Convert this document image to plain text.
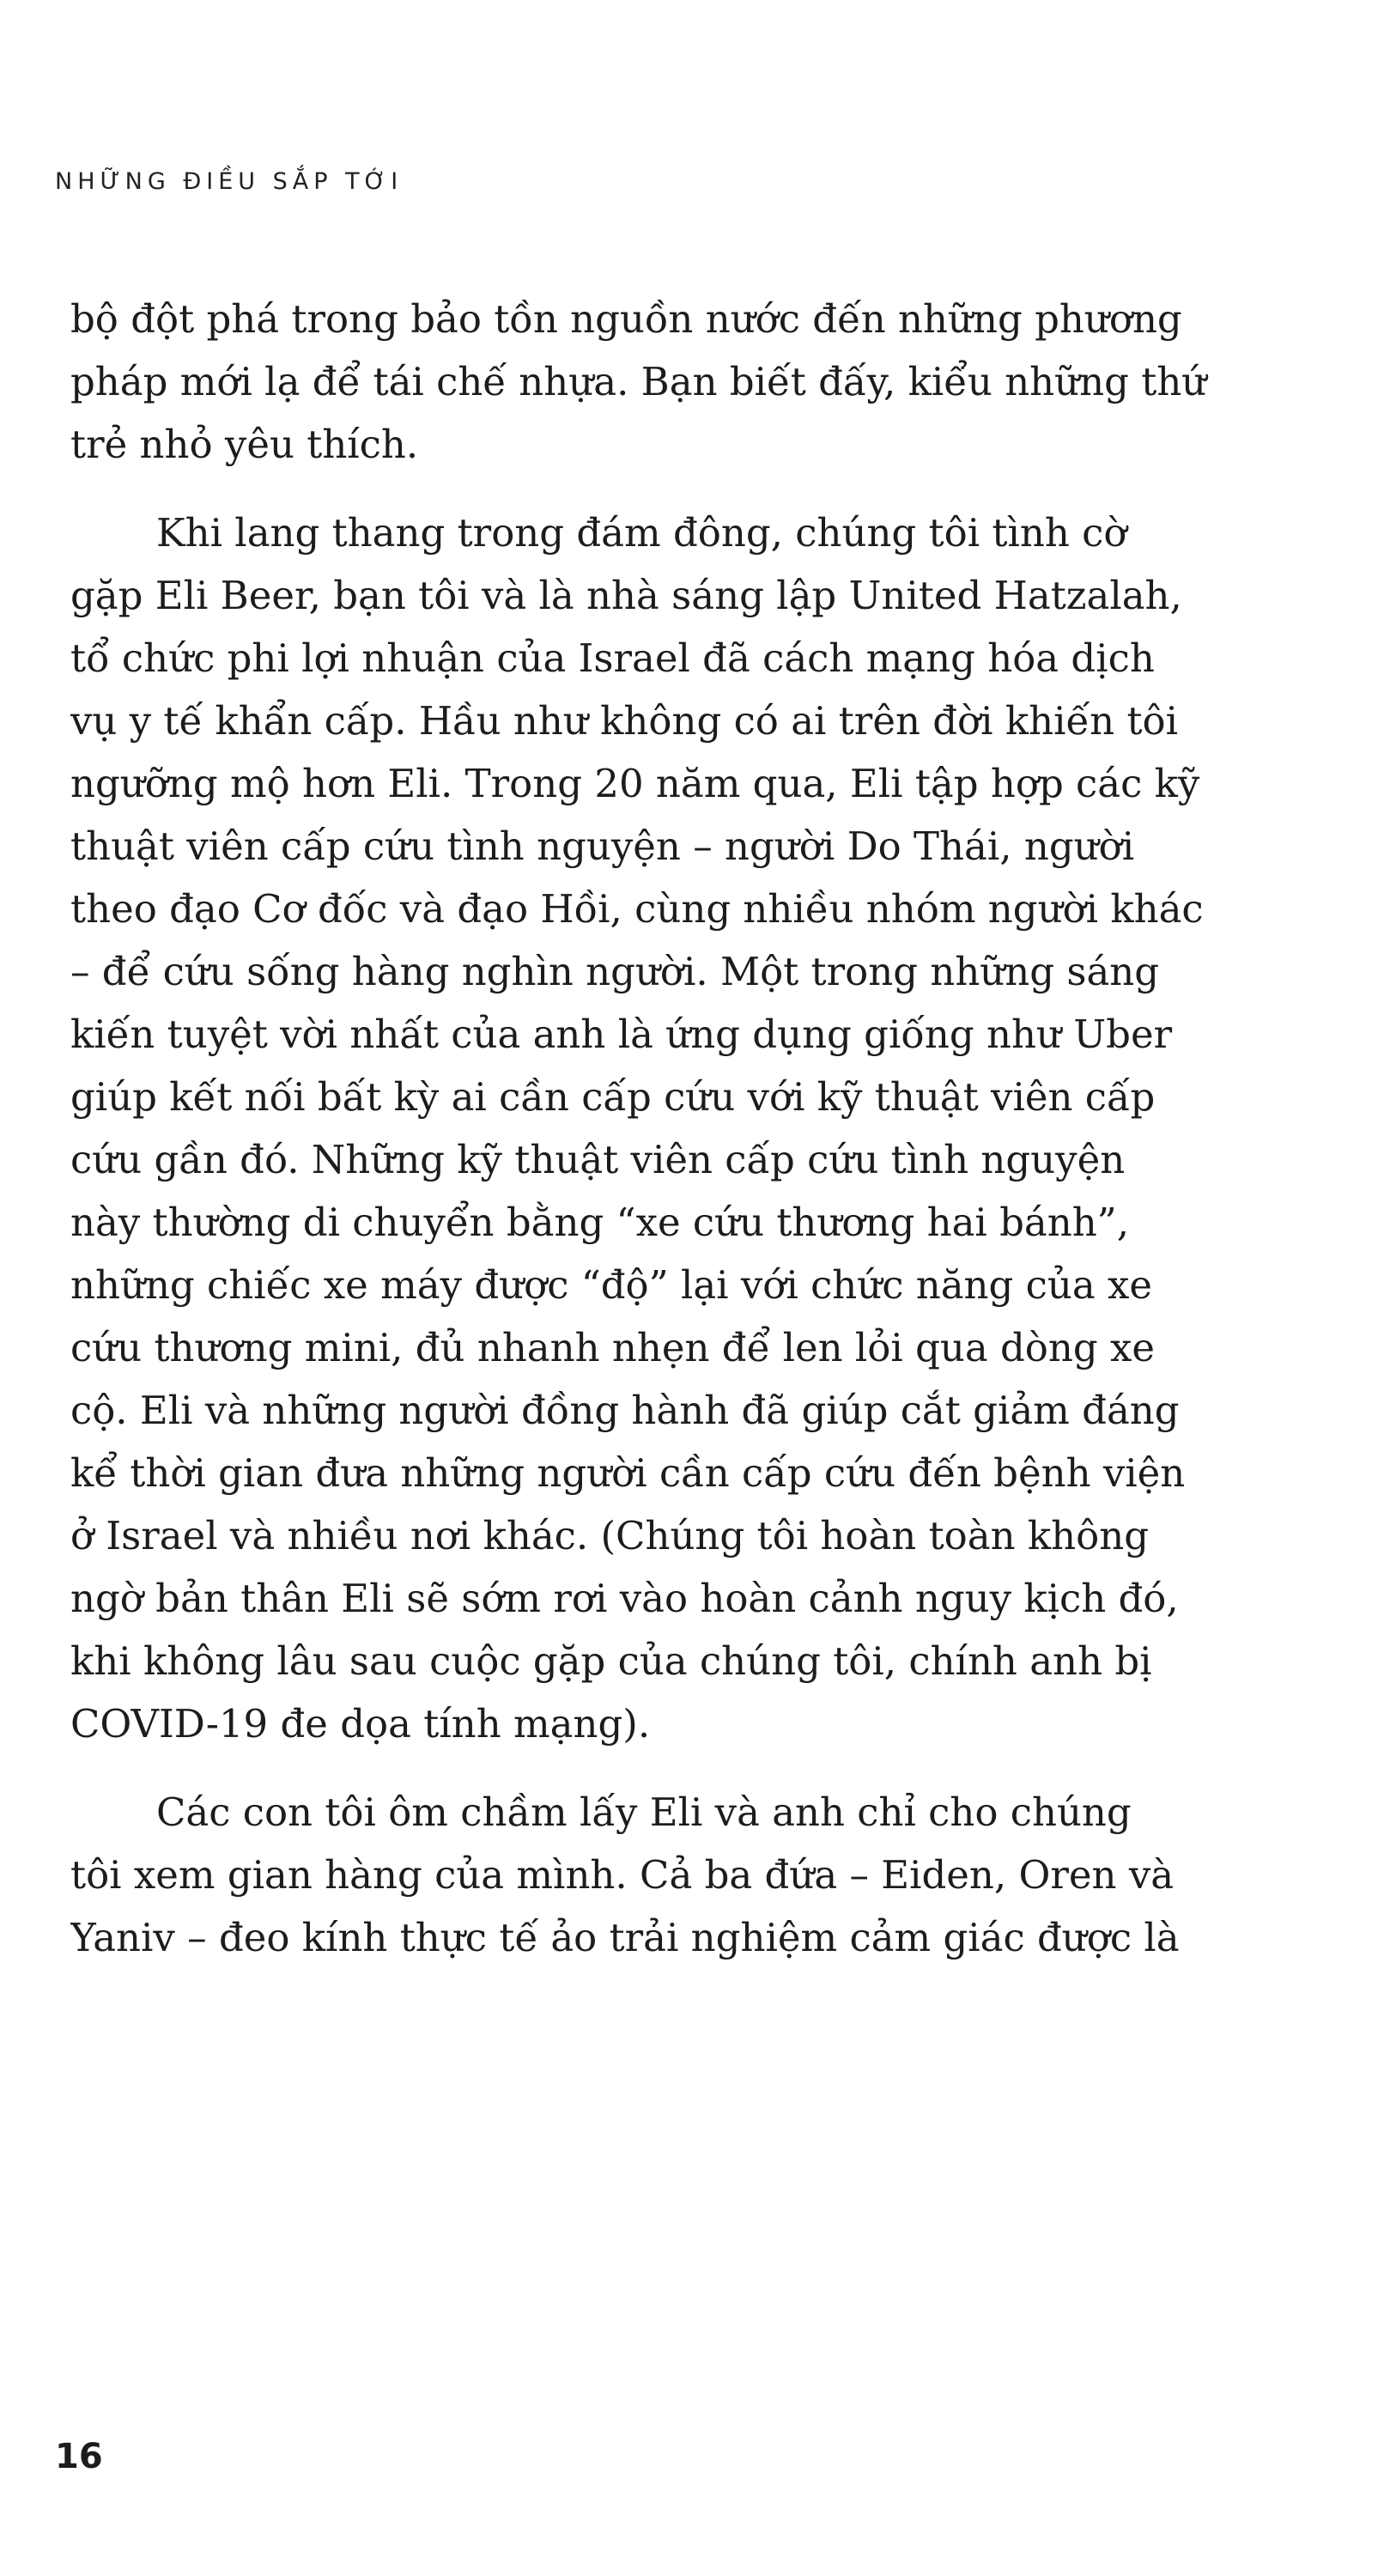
NHỮNG ĐIỀU SẮP TỚI

bộ đột phá trong bảo tồn nguồn nước đến những phương
pháp mới lạ để tái chế nhựa. Bạn biết đấy, kiểu những thứ
trẻ nhỏ yêu thích.

Khi lang thang trong đám đông, chúng tôi tình cờ
gặp Eli Beer, bạn tôi và là nhà sáng lập United Hatzalah,
tổ chức phi lợi nhuận của Israel đã cách mạng hóa dịch
vụ y tế khẩn cấp. Hầu như không có ai trên đời khiến tôi
ngưỡng mộ hơn Eli. Trong 20 năm qua, Eli tập hợp các kỹ
thuật viên cấp cứu tình nguyện – người Do Thái, người
theo đạo Cơ đốc và đạo Hồi, cùng nhiều nhóm người khác
– để cứu sống hàng nghìn người. Một trong những sáng
kiến tuyệt vời nhất của anh là ứng dụng giống như Uber
giúp kết nối bất kỳ ai cần cấp cứu với kỹ thuật viên cấp
cứu gần đó. Những kỹ thuật viên cấp cứu tình nguyện
này thường di chuyển bằng “xe cứu thương hai bánh”,
những chiếc xe máy được “độ” lại với chức năng của xe
cứu thương mini, đủ nhanh nhẹn để len lỏi qua dòng xe
cộ. Eli và những người đồng hành đã giúp cắt giảm đáng
kể thời gian đưa những người cần cấp cứu đến bệnh viện
ở Israel và nhiều nơi khác. (Chúng tôi hoàn toàn không
ngờ bản thân Eli sẽ sớm rơi vào hoàn cảnh nguy kịch đó,
khi không lâu sau cuộc gặp của chúng tôi, chính anh bị
COVID-19 đe dọa tính mạng).

Các con tôi ôm chầm lấy Eli và anh chỉ cho chúng
tôi xem gian hàng của mình. Cả ba đứa – Eiden, Oren và
Yaniv – đeo kính thực tế ảo trải nghiệm cảm giác được là

16
